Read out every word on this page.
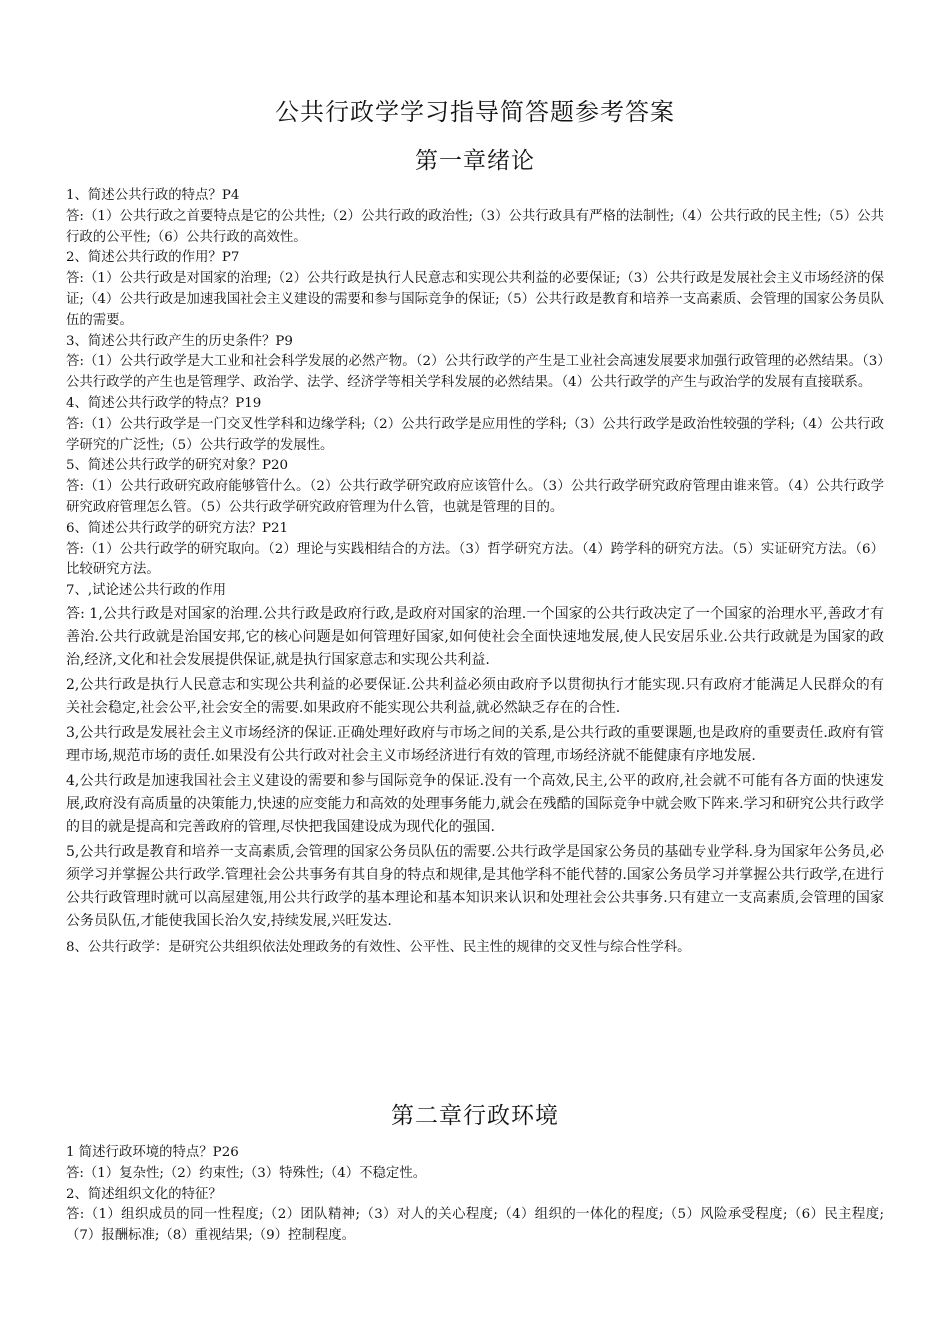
公共行政学学习指导简答题参考答案
第一章绪论

1、简述公共行政的特点？P4

答:（1）公共行政之首要特点是它的公共性;（2）公共行政的政治性;（3）公共行政具有严格的法制性;（4）公共行政的民主性;（5）公共行政的公平性;（6）公共行政的高效性。

2、简述公共行政的作用？P7

答:（1）公共行政是对国家的治理;（2）公共行政是执行人民意志和实现公共利益的必要保证;（3）公共行政是发展社会主义市场经济的保证;（4）公共行政是加速我国社会主义建设的需要和参与国际竞争的保证;（5）公共行政是教育和培养一支高素质、会管理的国家公务员队伍的需要。

3、简述公共行政产生的历史条件？P9

答:（1）公共行政学是大工业和社会科学发展的必然产物。（2）公共行政学的产生是工业社会高速发展要求加强行政管理的必然结果。（3）公共行政学的产生也是管理学、政治学、法学、经济学等相关学科发展的必然结果。（4）公共行政学的产生与政治学的发展有直接联系。

4、简述公共行政学的特点？P19

答:（1）公共行政学是一门交叉性学科和边缘学科;（2）公共行政学是应用性的学科;（3）公共行政学是政治性较强的学科;（4）公共行政学研究的广泛性;（5）公共行政学的发展性。

5、简述公共行政学的研究对象？P20

答:（1）公共行政研究政府能够管什么。（2）公共行政学研究政府应该管什么。（3）公共行政学研究政府管理由谁来管。（4）公共行政学研究政府管理怎么管。（5）公共行政学研究政府管理为什么管，也就是管理的目的。

6、简述公共行政学的研究方法？P21

答:（1）公共行政学的研究取向。（2）理论与实践相结合的方法。（3）哲学研究方法。（4）跨学科的研究方法。（5）实证研究方法。（6）比较研究方法。

7、,试论述公共行政的作用

答: 1,公共行政是对国家的治理.公共行政是政府行政,是政府对国家的治理.一个国家的公共行政决定了一个国家的治理水平,善政才有善治.公共行政就是治国安邦,它的核心问题是如何管理好国家,如何使社会全面快速地发展,使人民安居乐业.公共行政就是为国家的政治,经济,文化和社会发展提供保证,就是执行国家意志和实现公共利益.

2,公共行政是执行人民意志和实现公共利益的必要保证.公共利益必须由政府予以贯彻执行才能实现.只有政府才能满足人民群众的有关社会稳定,社会公平,社会安全的需要.如果政府不能实现公共利益,就必然缺乏存在的合性.

3,公共行政是发展社会主义市场经济的保证.正确处理好政府与市场之间的关系,是公共行政的重要课题,也是政府的重要责任.政府有管理市场,规范市场的责任.如果没有公共行政对社会主义市场经济进行有效的管理,市场经济就不能健康有序地发展.

4,公共行政是加速我国社会主义建设的需要和参与国际竞争的保证.没有一个高效,民主,公平的政府,社会就不可能有各方面的快速发展,政府没有高质量的决策能力,快速的应变能力和高效的处理事务能力,就会在残酷的国际竞争中就会败下阵来.学习和研究公共行政学的目的就是提高和完善政府的管理,尽快把我国建设成为现代化的强国.

5,公共行政是教育和培养一支高素质,会管理的国家公务员队伍的需要.公共行政学是国家公务员的基础专业学科.身为国家年公务员,必须学习并掌握公共行政学.管理社会公共事务有其自身的特点和规律,是其他学科不能代替的.国家公务员学习并掌握公共行政学,在进行公共行政管理时就可以高屋建瓴,用公共行政学的基本理论和基本知识来认识和处理社会公共事务.只有建立一支高素质,会管理的国家公务员队伍,才能使我国长治久安,持续发展,兴旺发达.

8、公共行政学：是研究公共组织依法处理政务的有效性、公平性、民主性的规律的交叉性与综合性学科。

第二章行政环境

1 简述行政环境的特点？P26

答:（1）复杂性;（2）约束性;（3）特殊性;（4）不稳定性。

2、简述组织文化的特征？

答:（1）组织成员的同一性程度;（2）团队精神;（3）对人的关心程度;（4）组织的一体化的程度;（5）风险承受程度;（6）民主程度;（7）报酬标准;（8）重视结果;（9）控制程度。
